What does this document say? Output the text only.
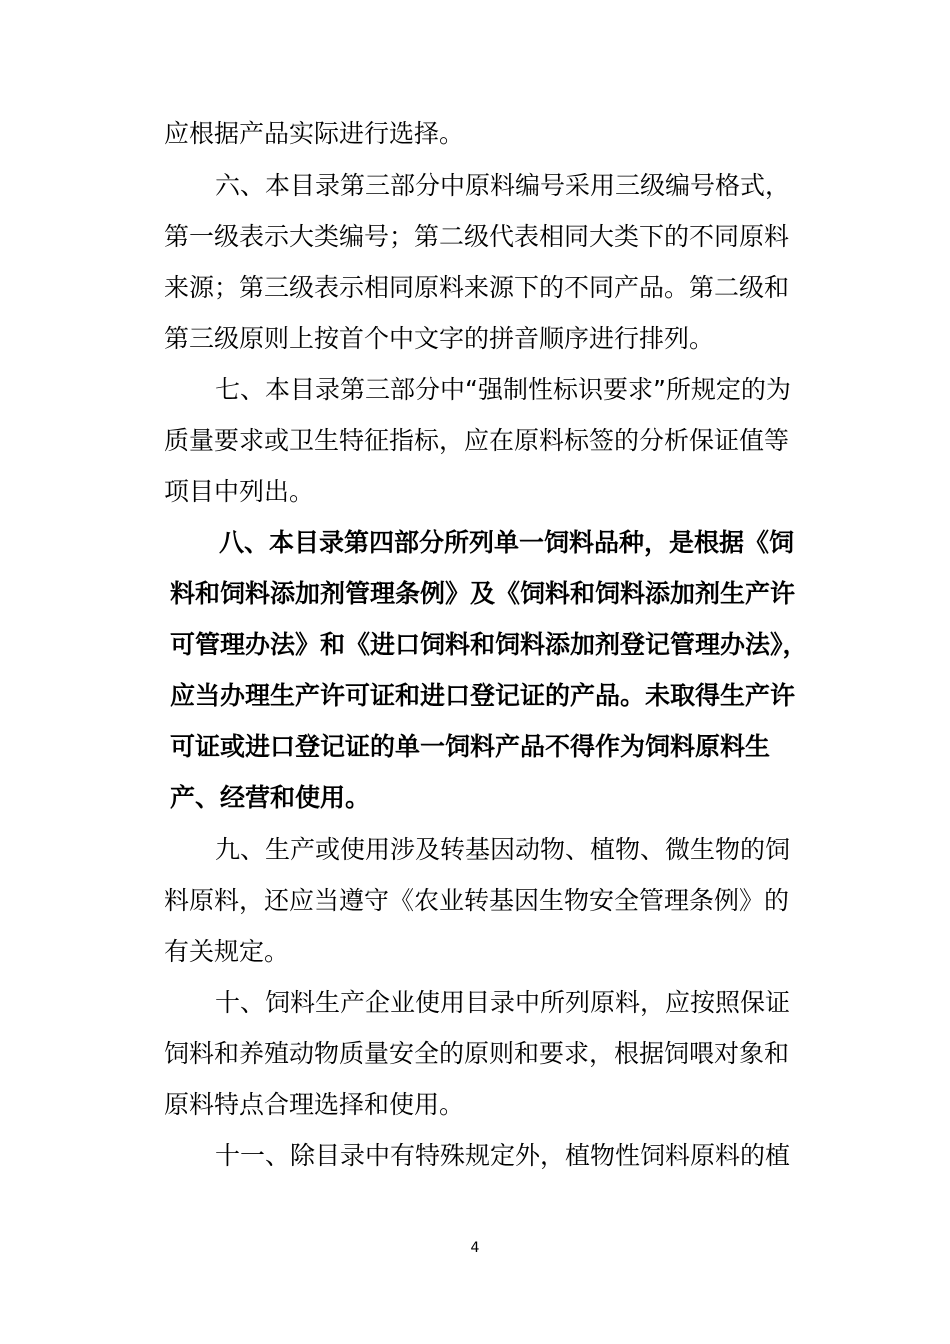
应根据产品实际进行选择。
六、本目录第三部分中原料编号采用三级编号格式，
第一级表示大类编号；第二级代表相同大类下的不同原料
来源；第三级表示相同原料来源下的不同产品。第二级和
第三级原则上按首个中文字的拼音顺序进行排列。
七、本目录第三部分中“强制性标识要求”所规定的为
质量要求或卫生特征指标，应在原料标签的分析保证值等
项目中列出。
八、本目录第四部分所列单一饲料品种，是根据《饲
料和饲料添加剂管理条例》及《饲料和饲料添加剂生产许
可管理办法》和《进口饲料和饲料添加剂登记管理办法》，
应当办理生产许可证和进口登记证的产品。未取得生产许
可证或进口登记证的单一饲料产品不得作为饲料原料生
产、经营和使用。
九、生产或使用涉及转基因动物、植物、微生物的饲
料原料，还应当遵守《农业转基因生物安全管理条例》的
有关规定。
十、饲料生产企业使用目录中所列原料，应按照保证
饲料和养殖动物质量安全的原则和要求，根据饲喂对象和
原料特点合理选择和使用。
十一、除目录中有特殊规定外，植物性饲料原料的植
4
